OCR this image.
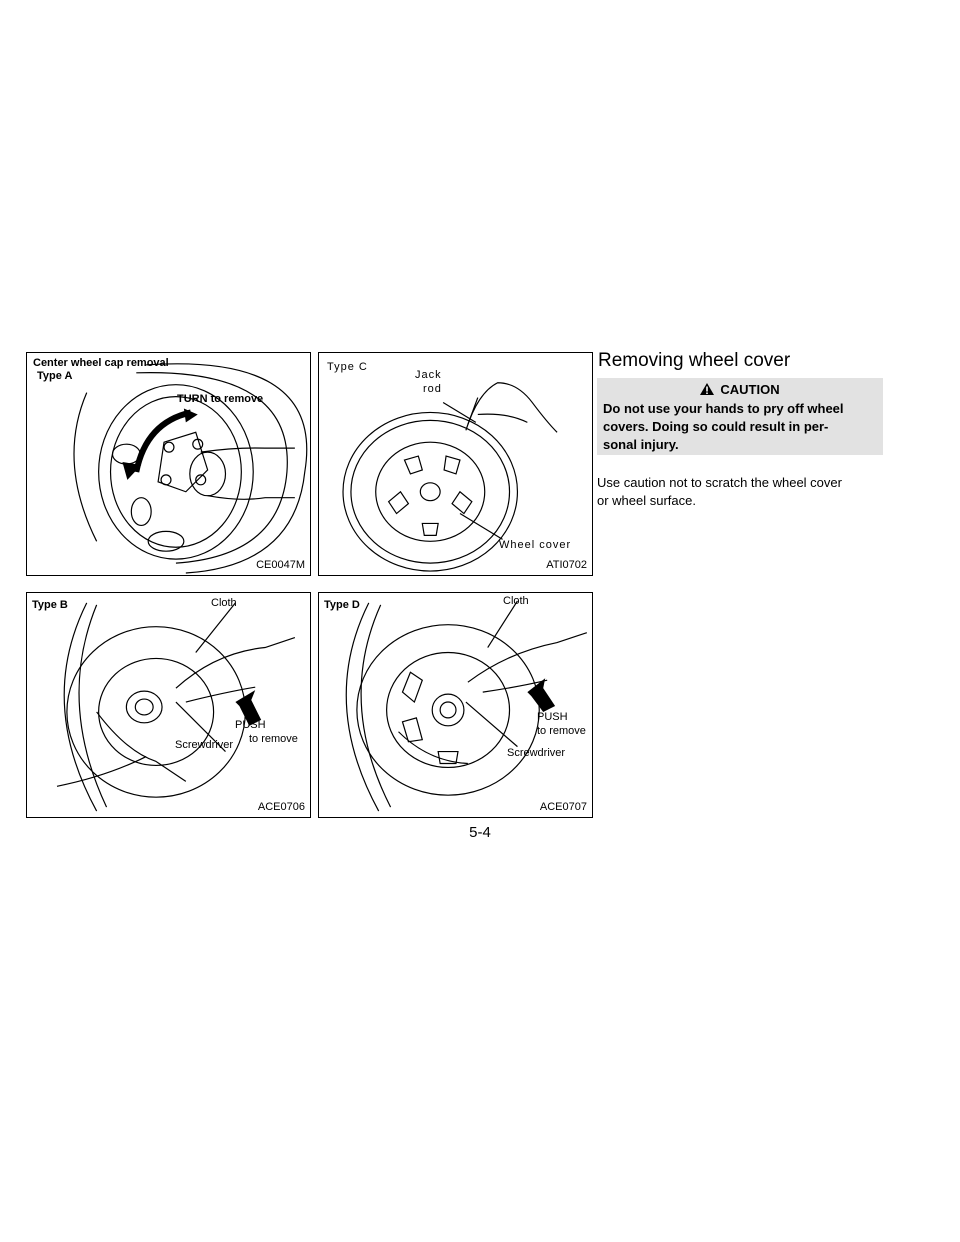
Center wheel cap removal
Type A
TURN to remove
CE0047M
Type C
Jack
rod
Wheel cover
ATI0702
Type B	Cloth
PUSH
to remove
Screwdriver
ACE0706
Type D	Cloth
PUSH
to remove
Screwdriver
ACE0707
Removing wheel cover
CAUTION
Do not use your hands to pry off wheel
covers. Doing so could result in per-
sonal injury.
Use caution not to scratch the wheel cover
or wheel surface.
5-4
